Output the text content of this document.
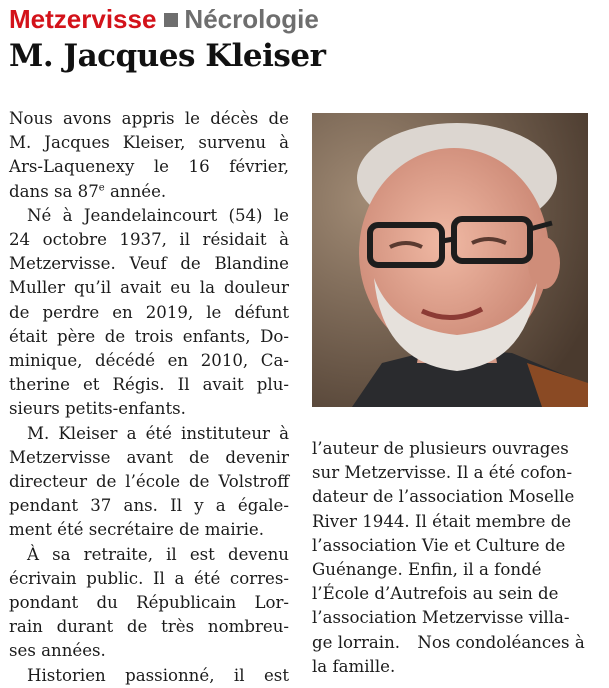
Metzervisse Nécrologie
M. Jacques Kleiser
Nous avons appris le décès de
M. Jacques Kleiser, survenu à
Ars-Laquenexy le 16 février,
dans sa 87e année.
Né à Jeandelaincourt (54) le
24 octobre 1937, il résidait à
Metzervisse. Veuf de Blandine
Muller qu’il avait eu la douleur
de perdre en 2019, le défunt
était père de trois enfants, Do-
minique, décédé en 2010, Ca-
therine et Régis. Il avait plu-
sieurs petits-enfants.
M. Kleiser a été instituteur à
Metzervisse avant de devenir
directeur de l’école de Volstroff
pendant 37 ans. Il y a égale-
ment été secrétaire de mairie.
À sa retraite, il est devenu
écrivain public. Il a été corres-
pondant du Républicain Lor-
rain durant de très nombreu-
ses années.
Historien passionné, il est
l’auteur de plusieurs ouvrages sur Metzervisse. Il a été cofon- dateur de l’association Moselle River 1944. Il était membre de l’association Vie et Culture de Guénange. Enfin, il a fondé l’École d’Autrefois au sein de l’association Metzervisse villa- ge lorrain. Nos condoléances à la famille.
